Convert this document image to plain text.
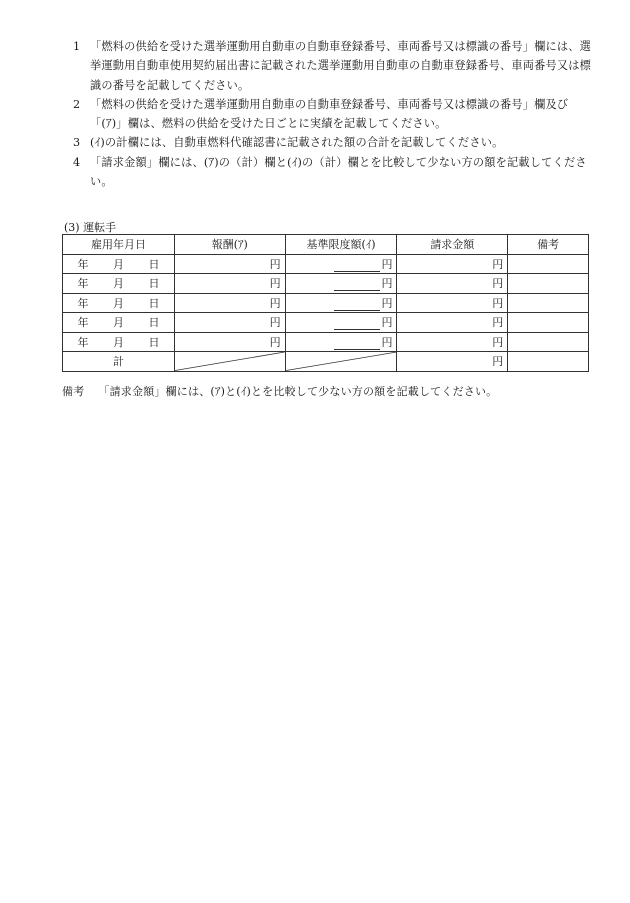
1 「燃料の供給を受けた選挙運動用自動車の自動車登録番号、車両番号又は標識の番号」欄には、選挙運動用自動車使用契約届出書に記載された選挙運動用自動車の自動車登録番号、車両番号又は標識の番号を記載してください。
2 「燃料の供給を受けた選挙運動用自動車の自動車登録番号、車両番号又は標識の番号」欄及び「(ｱ)」欄は、燃料の供給を受けた日ごとに実績を記載してください。
3 (ｲ)の計欄には、自動車燃料代確認書に記載された額の合計を記載してください。
4 「請求金額」欄には、(ｱ)の（計）欄と(ｲ)の（計）欄とを比較して少ない方の額を記載してください。
(3) 運転手
雇用年月日	報酬(ｱ)	基準限度額(ｲ)	請求金額	備考
年 月 日	円	円	円	
年 月 日	円	円	円	
年 月 日	円	円	円	
年 月 日	円	円	円	
年 月 日	円	円	円	
計			円	
備考 「請求金額」欄には、(ｱ)と(ｲ)とを比較して少ない方の額を記載してください。
